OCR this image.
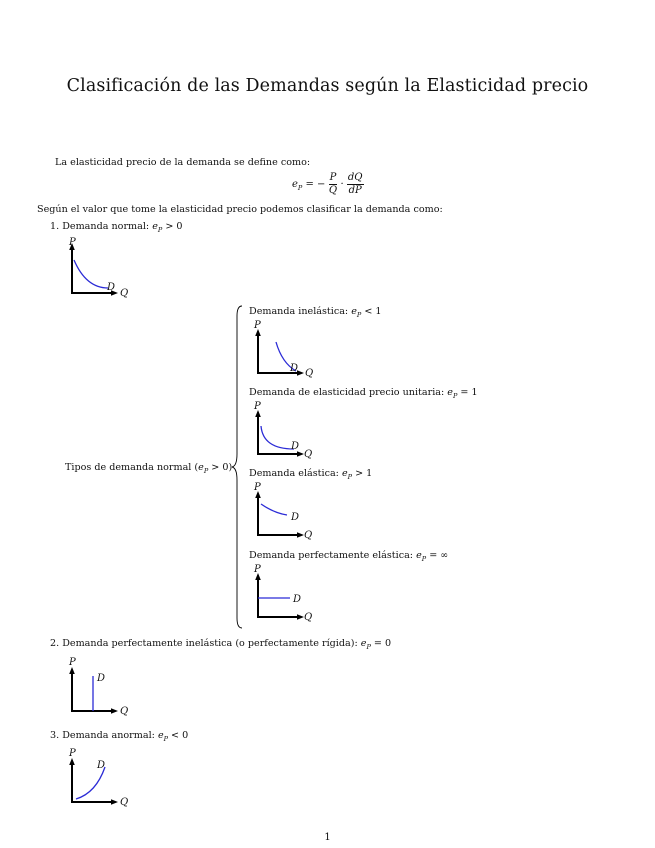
Clasificación de las Demandas según la Elasticidad precio
La elasticidad precio de la demanda se define como:
$e_P$ = − $\frac{P}{Q} \cdot \frac{dQ}{dP}$
Según el valor que tome la elasticidad precio podemos clasificar la demanda como:
1. Demanda normal: $e_P > 0$
P
Q
D
Tipos de demanda normal $(e_P > 0)$
Demanda inelástica: $e_P < 1$
P
Q
D
Demanda de elasticidad precio unitaria: $e_P = 1$
P
Q
D
Demanda elástica: $e_P > 1$
P
Q
D
Demanda perfectamente elástica: $e_P$ = ∞
P
Q
D
2. Demanda perfectamente inelástica (o perfectamente rígida): $e_P = 0$
P
Q
D
3. Demanda anormal: $e_P < 0$
P
Q
D
1
